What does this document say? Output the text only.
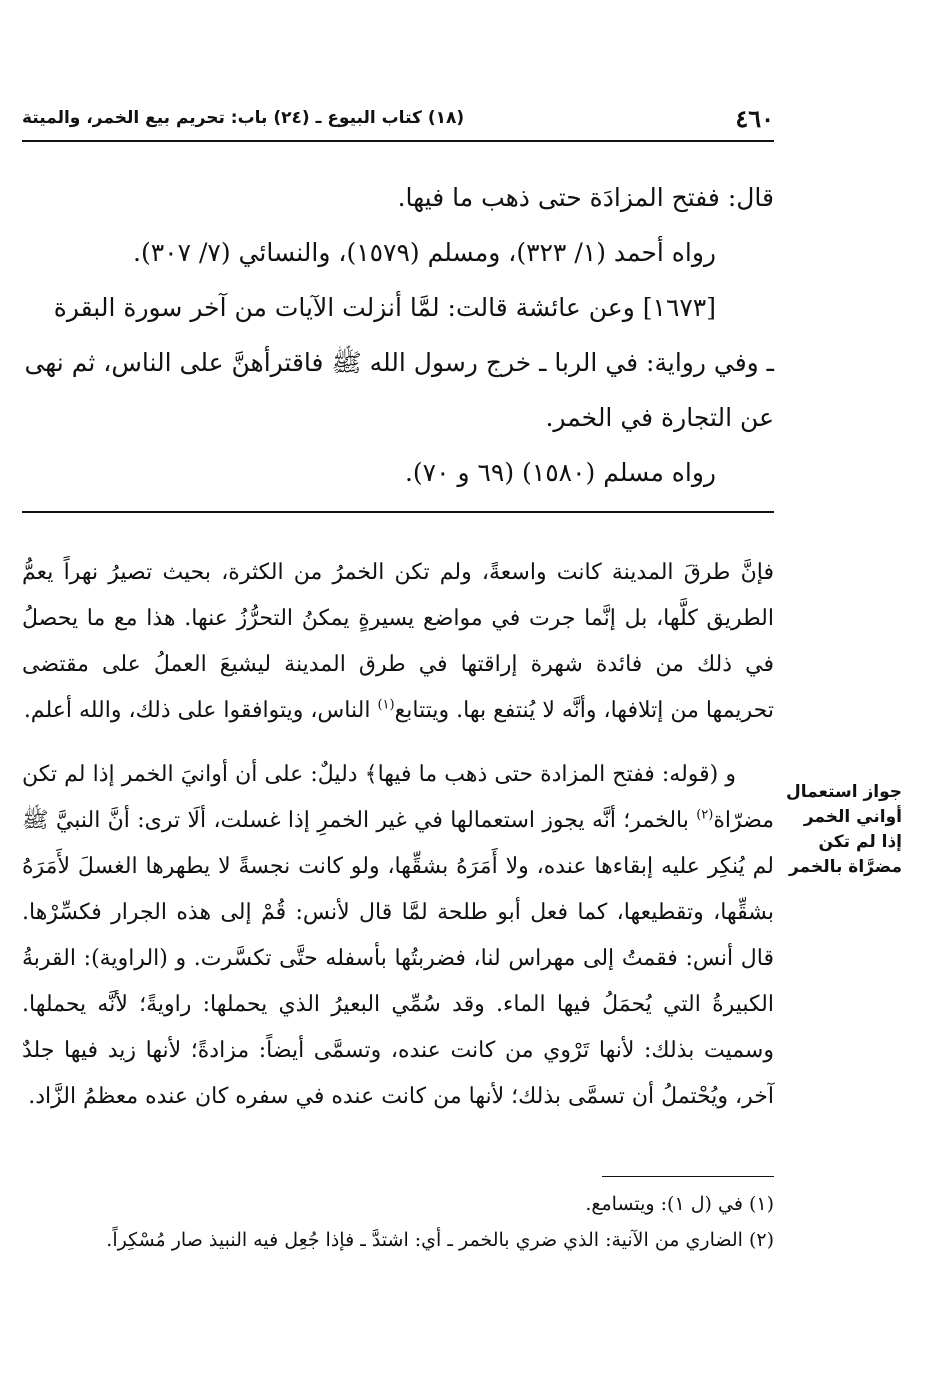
٤٦٠
(١٨) كتاب البيوع ـ (٢٤) باب: تحريم بيع الخمر، والميتة

قال: ففتح المزادَة حتى ذهب ما فيها.

رواه أحمد (١/ ٣٢٣)، ومسلم (١٥٧٩)، والنسائي (٧/ ٣٠٧).

[١٦٧٣] وعن عائشة قالت: لمَّا أنزلت الآيات من آخر سورة البقرة

ـ وفي رواية: في الربا ـ خرج رسول الله ﷺ فاقترأهنَّ على الناس، ثم نهى

عن التجارة في الخمر.

رواه مسلم (١٥٨٠) (٦٩ و ٧٠).

فإنَّ طرقَ المدينة كانت واسعةً، ولم تكن الخمرُ من الكثرة، بحيث تصيرُ نهراً يعمُّ الطريق كلَّها، بل إنَّما جرت في مواضع يسيرةٍ يمكنُ التحرُّزُ عنها. هذا مع ما يحصلُ في ذلك من فائدة شهرة إراقتها في طرق المدينة ليشيعَ العملُ على مقتضى تحريمها من إتلافها، وأنَّه لا يُنتفع بها. ويتتابع$^{(١)}$ الناس، ويتوافقوا على ذلك، والله أعلم.

و (قوله: ففتح المزادة حتى ذهب ما فيها﴾ دليلٌ: على أن أوانيَ الخمر إذا لم تكن مضرّاة$^{(٢)}$ بالخمر؛ أنَّه يجوز استعمالها في غير الخمرِ إذا غسلت، ألَا ترى: أنَّ النبيَّ ﷺ لم يُنكِر عليه إبقاءها عنده، ولا أَمَرَهُ بشقِّها، ولو كانت نجسةً لا يطهرها الغسلَ لأَمَرَهُ بشقِّها، وتقطيعها، كما فعل أبو طلحة لمَّا قال لأنس: قُمْ إلى هذه الجرار فكسِّرْها. قال أنس: فقمتُ إلى مهراس لنا، فضربتُها بأسفله حتَّى تكسَّرت. و (الراوية): القربةُ الكبيرةُ التي يُحمَلُ فيها الماء. وقد سُمِّي البعيرُ الذي يحملها: راويةً؛ لأنَّه يحملها. وسميت بذلك: لأنها تَرْوي من كانت عنده، وتسمَّى أيضاً: مزادةً؛ لأنها زيد فيها جلدٌ آخر، ويُحْتملُ أن تسمَّى بذلك؛ لأنها من كانت عنده في سفره كان عنده معظمُ الزَّاد.

جواز استعمال أواني الخمر إذا لم تكن مضرَّاة بالخمر

(١) في (ل ١): ويتسامع.

(٢) الضاري من الآنية: الذي ضري بالخمر ـ أي: اشتدَّ ـ فإذا جُعِل فيه النبيذ صار مُسْكِراً.
